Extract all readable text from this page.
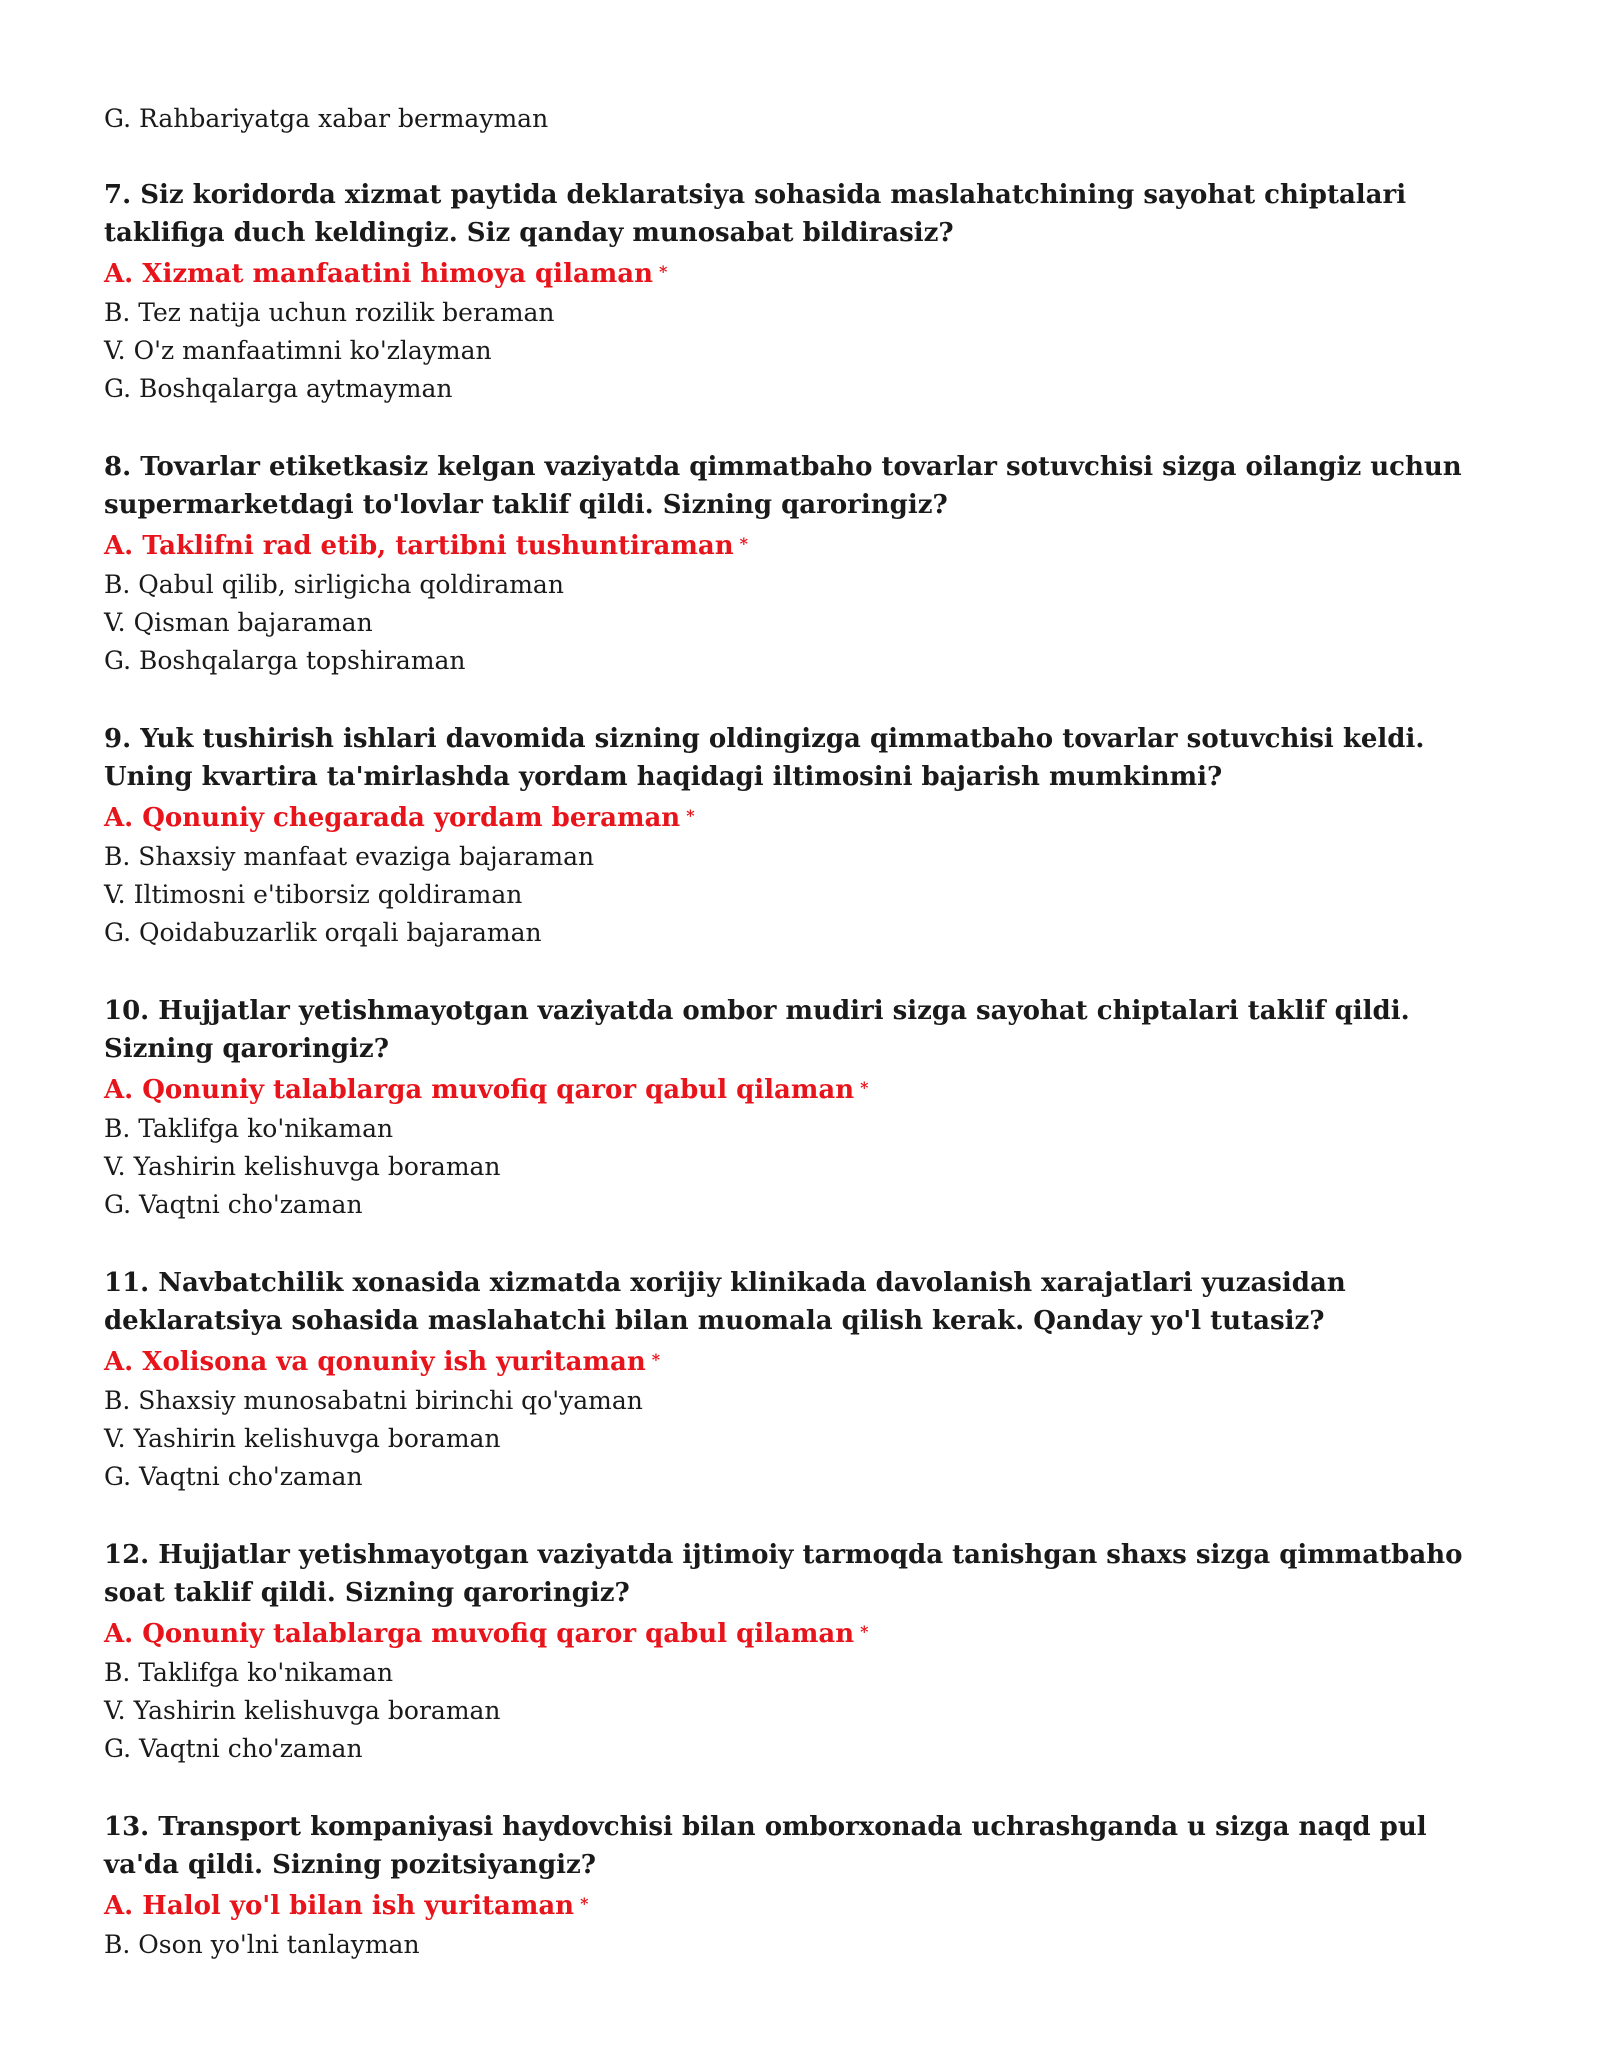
G. Rahbariyatga xabar bermayman

7. Siz koridorda xizmat paytida deklaratsiya sohasida maslahatchining sayohat chiptalari taklifiga duch keldingiz. Siz qanday munosabat bildirasiz?

A. Xizmat manfaatini himoya qilaman *

B. Tez natija uchun rozilik beraman

V. O'z manfaatimni ko'zlayman

G. Boshqalarga aytmayman

8. Tovarlar etiketkasiz kelgan vaziyatda qimmatbaho tovarlar sotuvchisi sizga oilangiz uchun supermarketdagi to'lovlar taklif qildi. Sizning qaroringiz?

A. Taklifni rad etib, tartibni tushuntiraman *

B. Qabul qilib, sirligicha qoldiraman

V. Qisman bajaraman

G. Boshqalarga topshiraman

9. Yuk tushirish ishlari davomida sizning oldingizga qimmatbaho tovarlar sotuvchisi keldi. Uning kvartira ta'mirlashda yordam haqidagi iltimosini bajarish mumkinmi?

A. Qonuniy chegarada yordam beraman *

B. Shaxsiy manfaat evaziga bajaraman

V. Iltimosni e'tiborsiz qoldiraman

G. Qoidabuzarlik orqali bajaraman

10. Hujjatlar yetishmayotgan vaziyatda ombor mudiri sizga sayohat chiptalari taklif qildi. Sizning qaroringiz?

A. Qonuniy talablarga muvofiq qaror qabul qilaman *

B. Taklifga ko'nikaman

V. Yashirin kelishuvga boraman

G. Vaqtni cho'zaman

11. Navbatchilik xonasida xizmatda xorijiy klinikada davolanish xarajatlari yuzasidan deklaratsiya sohasida maslahatchi bilan muomala qilish kerak. Qanday yo'l tutasiz?

A. Xolisona va qonuniy ish yuritaman *

B. Shaxsiy munosabatni birinchi qo'yaman

V. Yashirin kelishuvga boraman

G. Vaqtni cho'zaman

12. Hujjatlar yetishmayotgan vaziyatda ijtimoiy tarmoqda tanishgan shaxs sizga qimmatbaho soat taklif qildi. Sizning qaroringiz?

A. Qonuniy talablarga muvofiq qaror qabul qilaman *

B. Taklifga ko'nikaman

V. Yashirin kelishuvga boraman

G. Vaqtni cho'zaman

13. Transport kompaniyasi haydovchisi bilan omborxonada uchrashganda u sizga naqd pul va'da qildi. Sizning pozitsiyangiz?

A. Halol yo'l bilan ish yuritaman *

B. Oson yo'lni tanlayman
